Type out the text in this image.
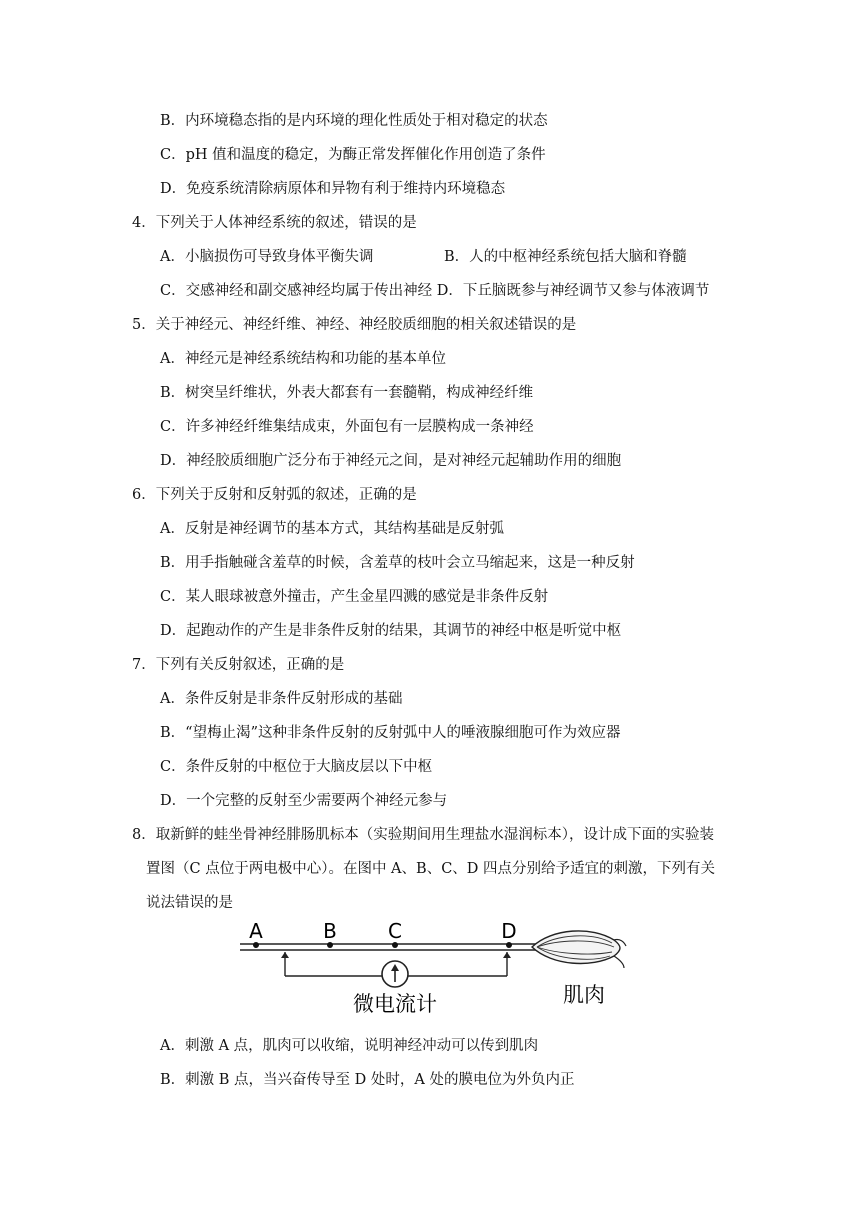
B．内环境稳态指的是内环境的理化性质处于相对稳定的状态
C．pH 值和温度的稳定，为酶正常发挥催化作用创造了条件
D．免疫系统清除病原体和异物有利于维持内环境稳态
4．下列关于人体神经系统的叙述，错误的是
A．小脑损伤可导致身体平衡失调	B．人的中枢神经系统包括大脑和脊髓
C．交感神经和副交感神经均属于传出神经 D．下丘脑既参与神经调节又参与体液调节
5．关于神经元、神经纤维、神经、神经胶质细胞的相关叙述错误的是
A．神经元是神经系统结构和功能的基本单位
B．树突呈纤维状，外表大都套有一套髓鞘，构成神经纤维
C．许多神经纤维集结成束，外面包有一层膜构成一条神经
D．神经胶质细胞广泛分布于神经元之间，是对神经元起辅助作用的细胞
6．下列关于反射和反射弧的叙述，正确的是
A．反射是神经调节的基本方式，其结构基础是反射弧
B．用手指触碰含羞草的时候，含羞草的枝叶会立马缩起来，这是一种反射
C．某人眼球被意外撞击，产生金星四溅的感觉是非条件反射
D．起跑动作的产生是非条件反射的结果，其调节的神经中枢是听觉中枢
7．下列有关反射叙述，正确的是
A．条件反射是非条件反射形成的基础
B．“望梅止渴”这种非条件反射的反射弧中人的唾液腺细胞可作为效应器
C．条件反射的中枢位于大脑皮层以下中枢
D．一个完整的反射至少需要两个神经元参与
8．取新鲜的蛙坐骨神经腓肠肌标本（实验期间用生理盐水湿润标本），设计成下面的实验装
置图（C 点位于两电极中心）。在图中 A、B、C、D 四点分别给予适宜的刺激，下列有关
说法错误的是
A	B	C	D
微电流计	肌肉
A．刺激 A 点，肌肉可以收缩，说明神经冲动可以传到肌肉
B．刺激 B 点，当兴奋传导至 D 处时，A 处的膜电位为外负内正
